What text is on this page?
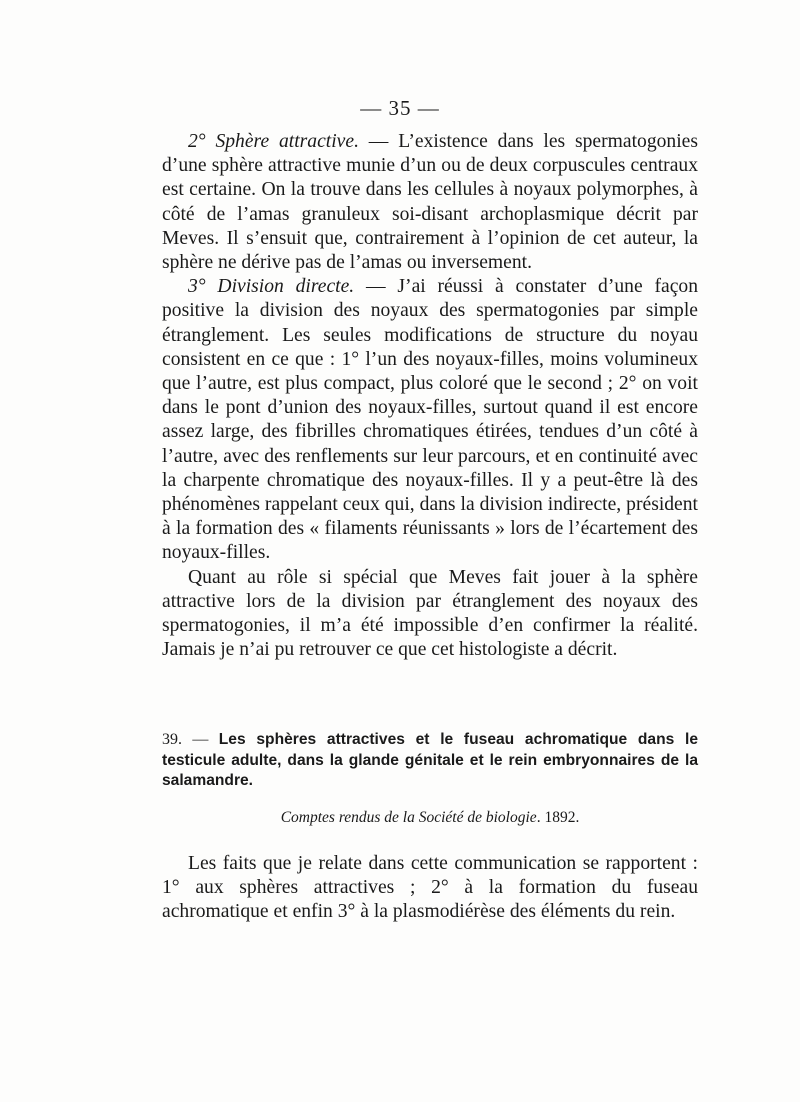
— 35 —

2° Sphère attractive. — L’existence dans les spermatogonies d’une sphère attractive munie d’un ou de deux corpuscules centraux est certaine. On la trouve dans les cellules à noyaux polymorphes, à côté de l’amas granuleux soi-disant archoplasmique décrit par Meves. Il s’ensuit que, contrairement à l’opinion de cet auteur, la sphère ne dérive pas de l’amas ou inversement.

3° Division directe. — J’ai réussi à constater d’une façon positive la division des noyaux des spermatogonies par simple étranglement. Les seules modifications de structure du noyau consistent en ce que : 1° l’un des noyaux-filles, moins volumineux que l’autre, est plus compact, plus coloré que le second ; 2° on voit dans le pont d’union des noyaux-filles, surtout quand il est encore assez large, des fibrilles chromatiques étirées, tendues d’un côté à l’autre, avec des renflements sur leur parcours, et en continuité avec la charpente chromatique des noyaux-filles. Il y a peut-être là des phénomènes rappelant ceux qui, dans la division indirecte, président à la formation des « filaments réunissants » lors de l’écartement des noyaux-filles.

Quant au rôle si spécial que Meves fait jouer à la sphère attractive lors de la division par étranglement des noyaux des spermatogonies, il m’a été impossible d’en confirmer la réalité. Jamais je n’ai pu retrouver ce que cet histologiste a décrit.

39. — Les sphères attractives et le fuseau achromatique dans le testicule adulte, dans la glande génitale et le rein embryonnaires de la salamandre.
Comptes rendus de la Société de biologie. 1892.

Les faits que je relate dans cette communication se rapportent : 1° aux sphères attractives ; 2° à la formation du fuseau achromatique et enfin 3° à la plasmodiérèse des éléments du rein.
